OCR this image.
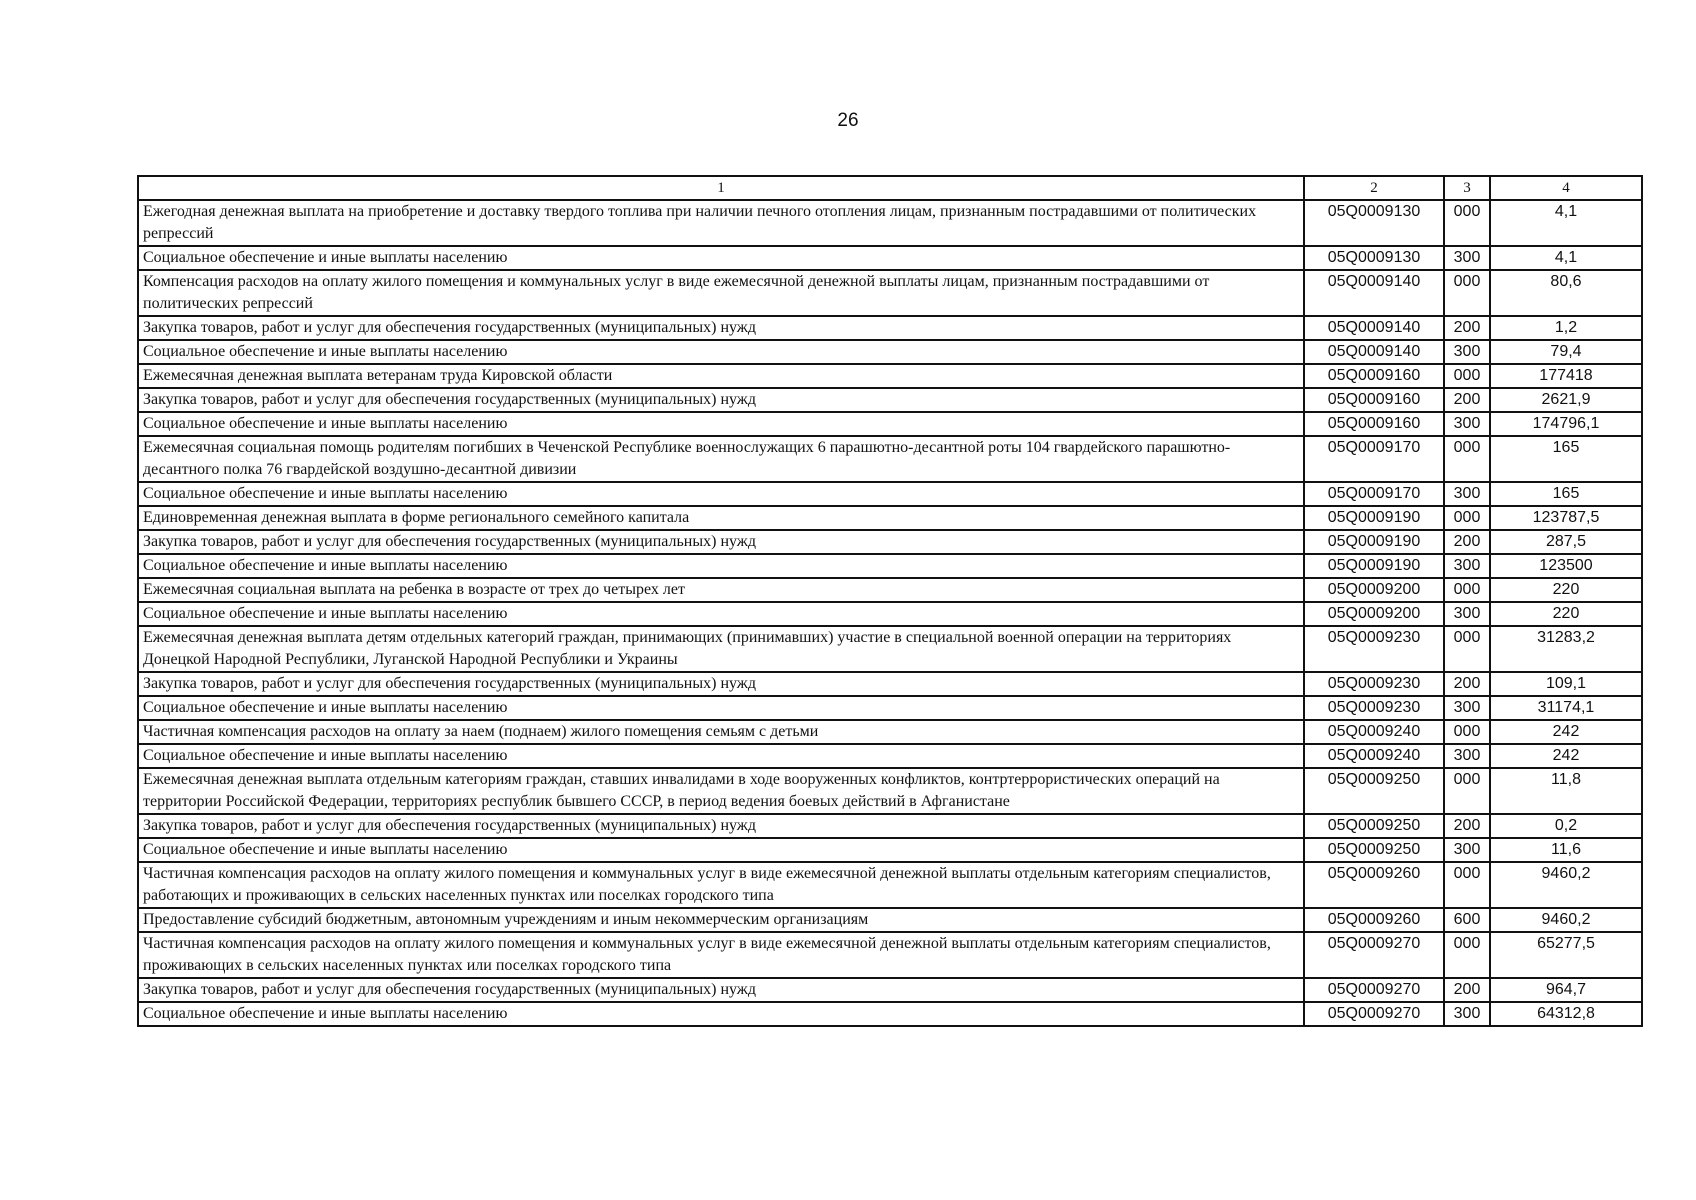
26
1	2	3	4
Ежегодная денежная выплата на приобретение и доставку твердого топлива при наличии печного отопления лицам, признанным пострадавшими от политических репрессий	05Q0009130	000	4,1
Социальное обеспечение и иные выплаты населению	05Q0009130	300	4,1
Компенсация расходов на оплату жилого помещения и коммунальных услуг в виде ежемесячной денежной выплаты лицам, признанным пострадавшими от политических репрессий	05Q0009140	000	80,6
Закупка товаров, работ и услуг для обеспечения государственных (муниципальных) нужд	05Q0009140	200	1,2
Социальное обеспечение и иные выплаты населению	05Q0009140	300	79,4
Ежемесячная денежная выплата ветеранам труда Кировской области	05Q0009160	000	177418
Закупка товаров, работ и услуг для обеспечения государственных (муниципальных) нужд	05Q0009160	200	2621,9
Социальное обеспечение и иные выплаты населению	05Q0009160	300	174796,1
Ежемесячная социальная помощь родителям погибших в Чеченской Республике военнослужащих 6 парашютно-десантной роты 104 гвардейского парашютно-десантного полка 76 гвардейской воздушно-десантной дивизии	05Q0009170	000	165
Социальное обеспечение и иные выплаты населению	05Q0009170	300	165
Единовременная денежная выплата в форме регионального семейного капитала	05Q0009190	000	123787,5
Закупка товаров, работ и услуг для обеспечения государственных (муниципальных) нужд	05Q0009190	200	287,5
Социальное обеспечение и иные выплаты населению	05Q0009190	300	123500
Ежемесячная социальная выплата на ребенка в возрасте от трех до четырех лет	05Q0009200	000	220
Социальное обеспечение и иные выплаты населению	05Q0009200	300	220
Ежемесячная денежная выплата детям отдельных категорий граждан, принимающих (принимавших) участие в специальной военной операции на территориях Донецкой Народной Республики, Луганской Народной Республики и Украины	05Q0009230	000	31283,2
Закупка товаров, работ и услуг для обеспечения государственных (муниципальных) нужд	05Q0009230	200	109,1
Социальное обеспечение и иные выплаты населению	05Q0009230	300	31174,1
Частичная компенсация расходов на оплату за наем (поднаем) жилого помещения семьям с детьми	05Q0009240	000	242
Социальное обеспечение и иные выплаты населению	05Q0009240	300	242
Ежемесячная денежная выплата отдельным категориям граждан, ставших инвалидами в ходе вооруженных конфликтов, контртеррористических операций на территории Российской Федерации, территориях республик бывшего СССР, в период ведения боевых действий в Афганистане	05Q0009250	000	11,8
Закупка товаров, работ и услуг для обеспечения государственных (муниципальных) нужд	05Q0009250	200	0,2
Социальное обеспечение и иные выплаты населению	05Q0009250	300	11,6
Частичная компенсация расходов на оплату жилого помещения и коммунальных услуг в виде ежемесячной денежной выплаты отдельным категориям специалистов, работающих и проживающих в сельских населенных пунктах или поселках городского типа	05Q0009260	000	9460,2
Предоставление субсидий бюджетным, автономным учреждениям и иным некоммерческим организациям	05Q0009260	600	9460,2
Частичная компенсация расходов на оплату жилого помещения и коммунальных услуг в виде ежемесячной денежной выплаты отдельным категориям специалистов, проживающих в сельских населенных пунктах или поселках городского типа	05Q0009270	000	65277,5
Закупка товаров, работ и услуг для обеспечения государственных (муниципальных) нужд	05Q0009270	200	964,7
Социальное обеспечение и иные выплаты населению	05Q0009270	300	64312,8
